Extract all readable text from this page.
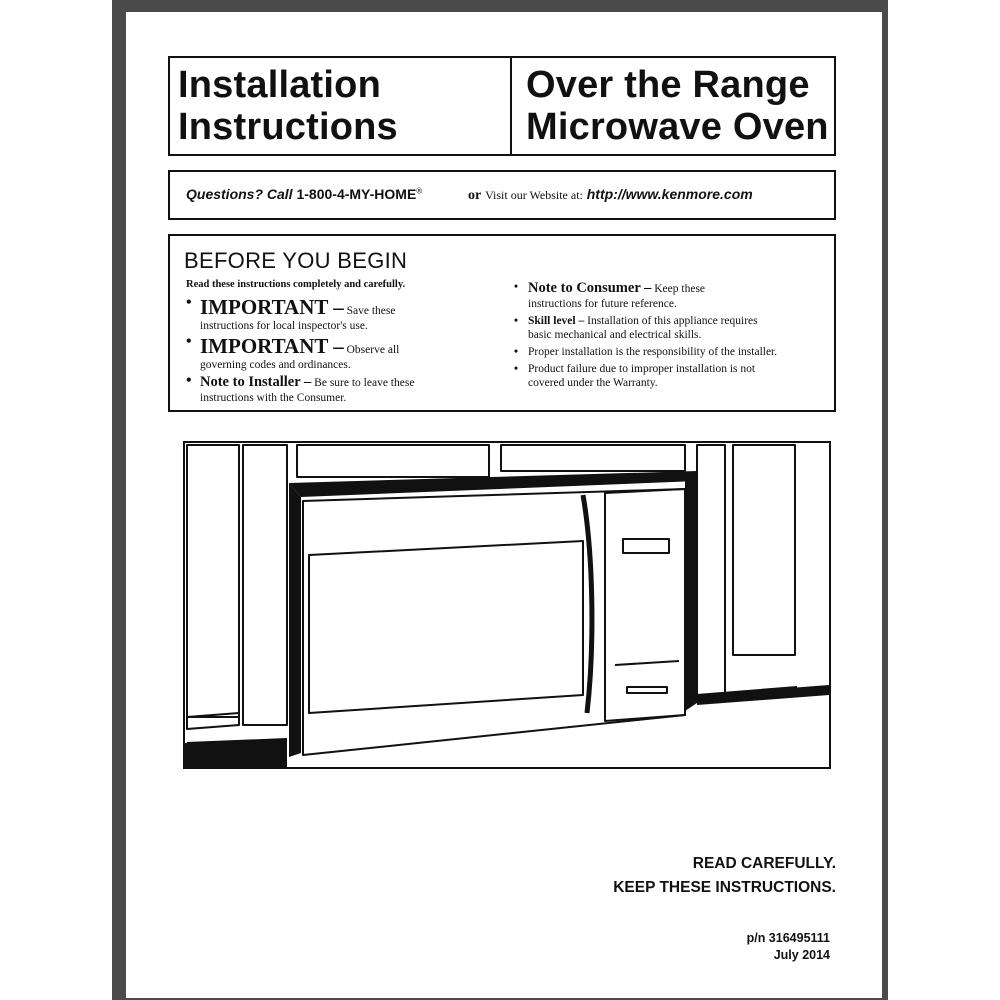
Installation
Instructions
Over the Range
Microwave Oven
Questions? Call 1-800-4-MY-HOME®	or Visit our Website at: http://www.kenmore.com
BEFORE YOU BEGIN
Read these instructions completely and carefully.
• IMPORTANT – Save these
instructions for local inspector's use.
• IMPORTANT – Observe all
governing codes and ordinances.
• Note to Installer – Be sure to leave these
instructions with the Consumer.
• Note to Consumer – Keep these
instructions for future reference.
• Skill level – Installation of this appliance requires
basic mechanical and electrical skills.
• Proper installation is the responsibility of the installer.
• Product failure due to improper installation is not
covered under the Warranty.
READ CAREFULLY.
KEEP THESE INSTRUCTIONS.
p/n 316495111
July 2014
